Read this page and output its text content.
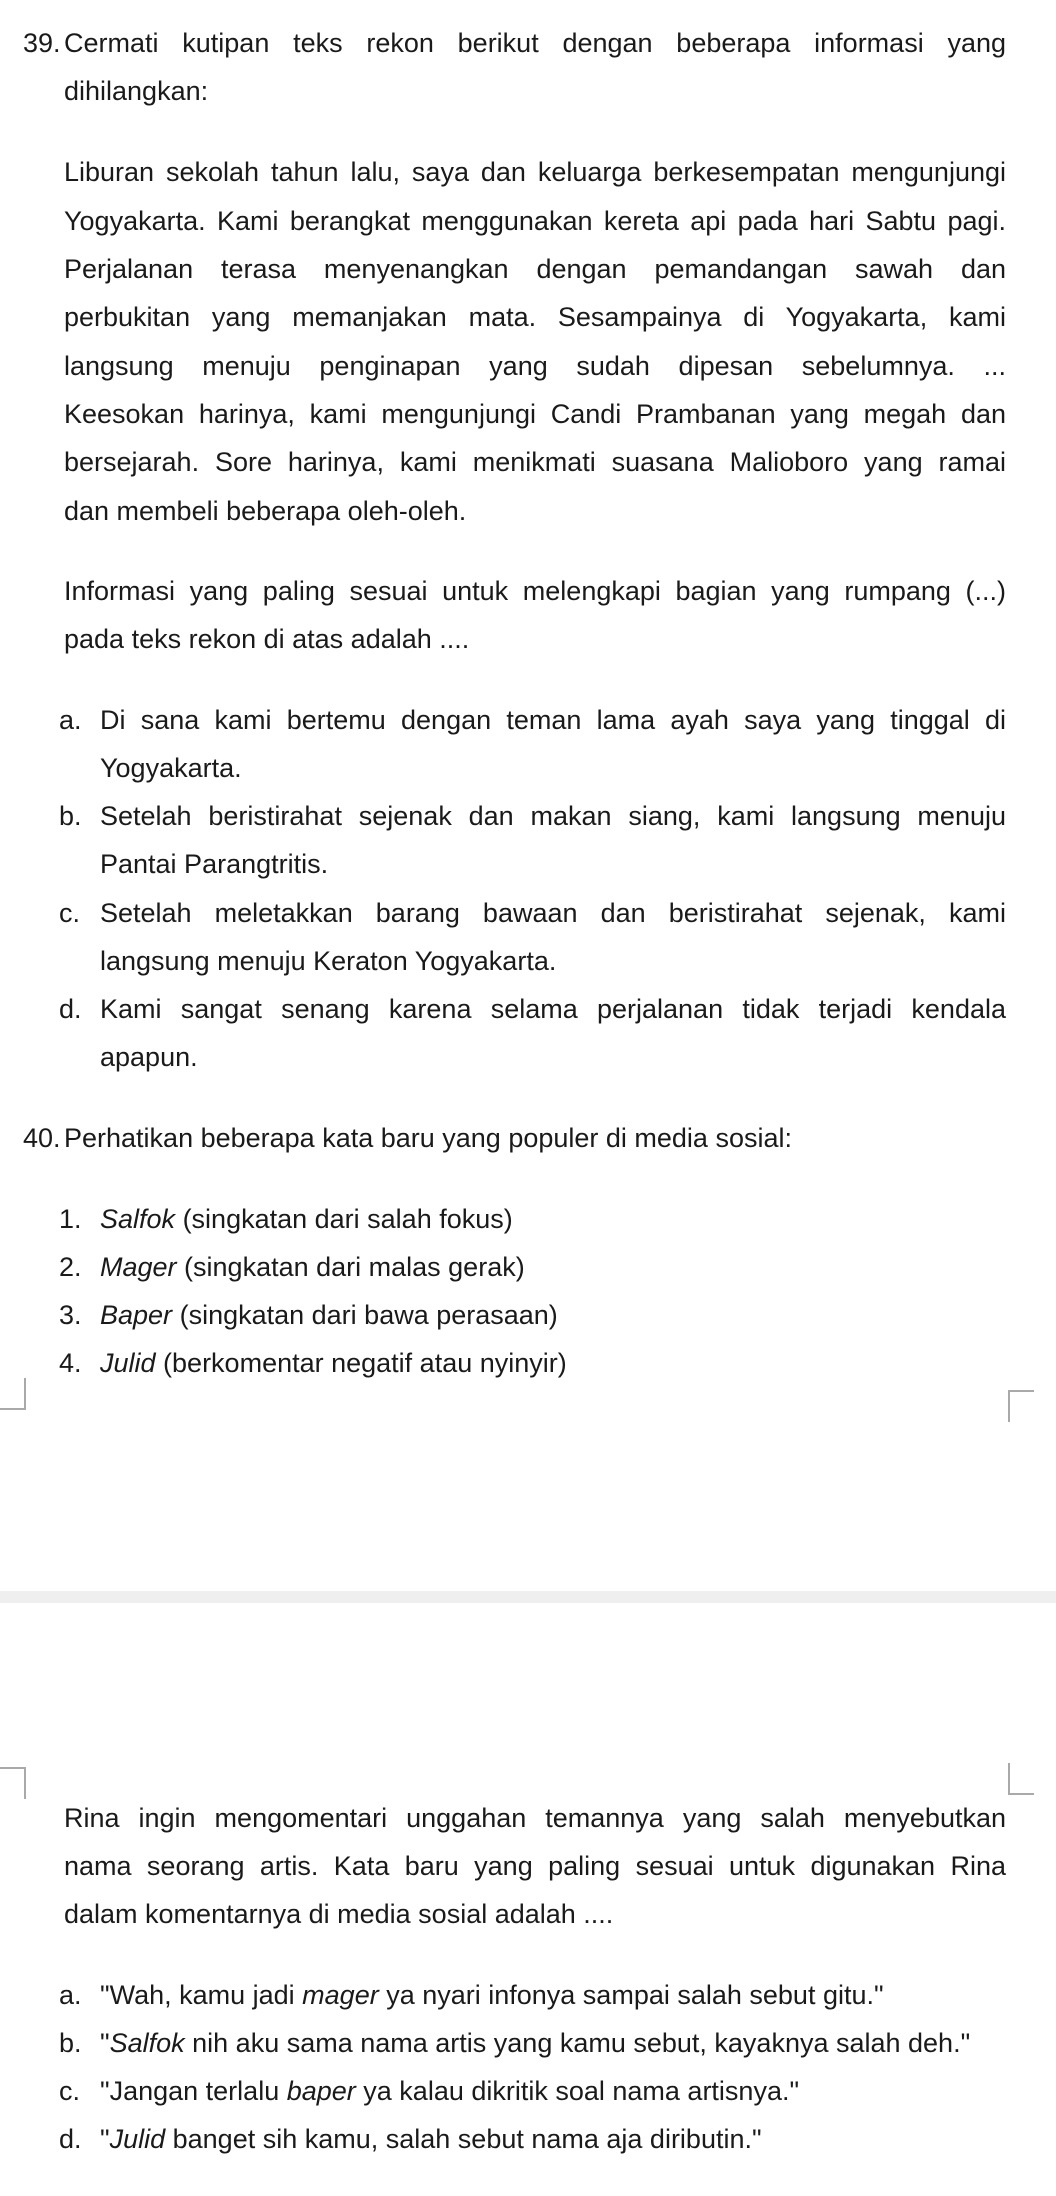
39. Cermati kutipan teks rekon berikut dengan beberapa informasi yang
dihilangkan:
Liburan sekolah tahun lalu, saya dan keluarga berkesempatan mengunjungi
Yogyakarta. Kami berangkat menggunakan kereta api pada hari Sabtu pagi.
Perjalanan terasa menyenangkan dengan pemandangan sawah dan
perbukitan yang memanjakan mata. Sesampainya di Yogyakarta, kami
langsung menuju penginapan yang sudah dipesan sebelumnya. ...
Keesokan harinya, kami mengunjungi Candi Prambanan yang megah dan
bersejarah. Sore harinya, kami menikmati suasana Malioboro yang ramai
dan membeli beberapa oleh-oleh.
Informasi yang paling sesuai untuk melengkapi bagian yang rumpang (...)
pada teks rekon di atas adalah ....
a. Di sana kami bertemu dengan teman lama ayah saya yang tinggal di
Yogyakarta.
b. Setelah beristirahat sejenak dan makan siang, kami langsung menuju
Pantai Parangtritis.
c. Setelah meletakkan barang bawaan dan beristirahat sejenak, kami
langsung menuju Keraton Yogyakarta.
d. Kami sangat senang karena selama perjalanan tidak terjadi kendala
apapun.
40. Perhatikan beberapa kata baru yang populer di media sosial:
1. Salfok (singkatan dari salah fokus)
2. Mager (singkatan dari malas gerak)
3. Baper (singkatan dari bawa perasaan)
4. Julid (berkomentar negatif atau nyinyir)
Rina ingin mengomentari unggahan temannya yang salah menyebutkan
nama seorang artis. Kata baru yang paling sesuai untuk digunakan Rina
dalam komentarnya di media sosial adalah ....
a. "Wah, kamu jadi mager ya nyari infonya sampai salah sebut gitu."
b. "Salfok nih aku sama nama artis yang kamu sebut, kayaknya salah deh."
c. "Jangan terlalu baper ya kalau dikritik soal nama artisnya."
d. "Julid banget sih kamu, salah sebut nama aja diributin."
